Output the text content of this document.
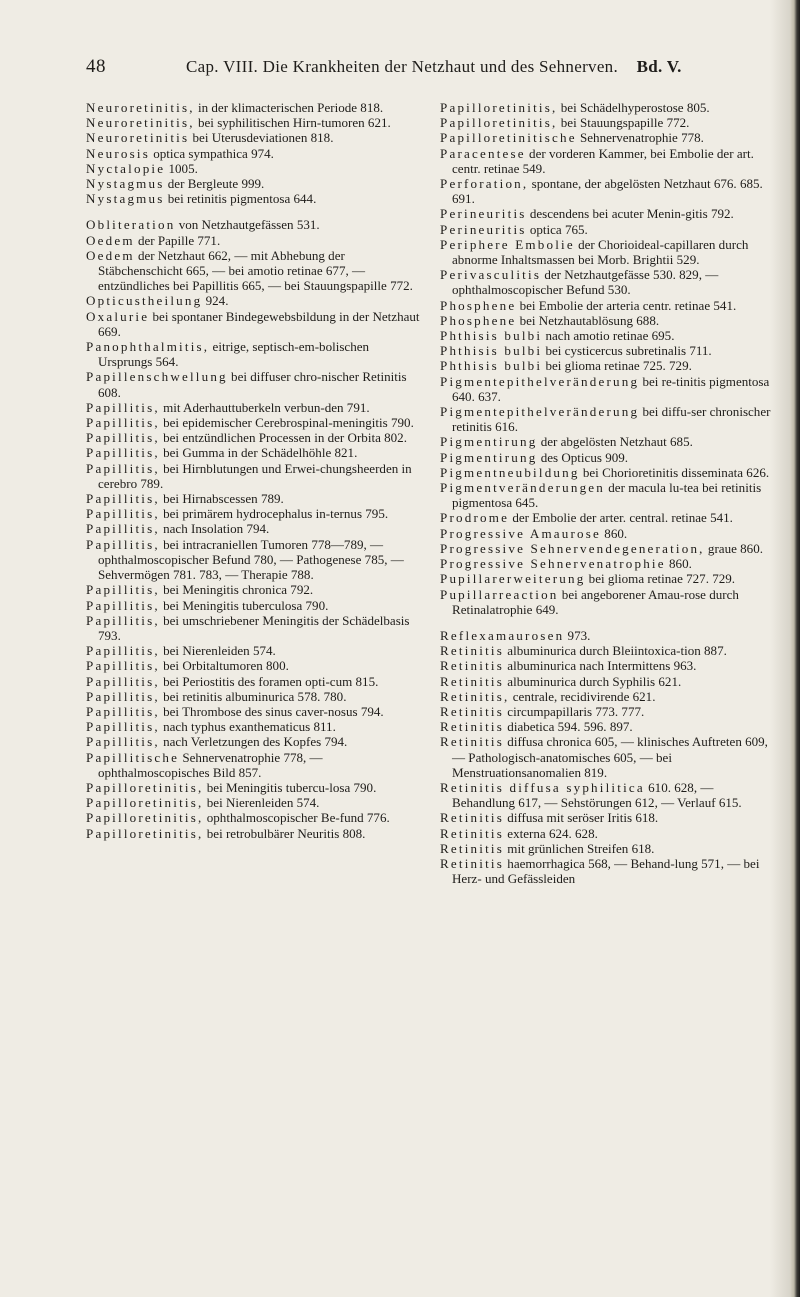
48	Cap. VIII. Die Krankheiten der Netzhaut und des Sehnerven. Bd. V.

Neuroretinitis, in der klimacterischen Periode 818.

Neuroretinitis, bei syphilitischen Hirn-tumoren 621.

Neuroretinitis bei Uterusdeviationen 818.

Neurosis optica sympathica 974.

Nyctalopie 1005.

Nystagmus der Bergleute 999.

Nystagmus bei retinitis pigmentosa 644.

Obliteration von Netzhautgefässen 531.

Oedem der Papille 771.

Oedem der Netzhaut 662, — mit Abhebung der Stäbchenschicht 665, — bei amotio retinae 677, — entzündliches bei Papillitis 665, — bei Stauungspapille 772.

Opticustheilung 924.

Oxalurie bei spontaner Bindegewebsbildung in der Netzhaut 669.

Panophthalmitis, eitrige, septisch-em-bolischen Ursprungs 564.

Papillenschwellung bei diffuser chro-nischer Retinitis 608.

Papillitis, mit Aderhauttuberkeln verbun-den 791.

Papillitis, bei epidemischer Cerebrospinal-meningitis 790.

Papillitis, bei entzündlichen Processen in der Orbita 802.

Papillitis, bei Gumma in der Schädelhöhle 821.

Papillitis, bei Hirnblutungen und Erwei-chungsheerden in cerebro 789.

Papillitis, bei Hirnabscessen 789.

Papillitis, bei primärem hydrocephalus in-ternus 795.

Papillitis, nach Insolation 794.

Papillitis, bei intracraniellen Tumoren 778—789, — ophthalmoscopischer Befund 780, — Pathogenese 785, — Sehvermögen 781. 783, — Therapie 788.

Papillitis, bei Meningitis chronica 792.

Papillitis, bei Meningitis tuberculosa 790.

Papillitis, bei umschriebener Meningitis der Schädelbasis 793.

Papillitis, bei Nierenleiden 574.

Papillitis, bei Orbitaltumoren 800.

Papillitis, bei Periostitis des foramen opti-cum 815.

Papillitis, bei retinitis albuminurica 578. 780.

Papillitis, bei Thrombose des sinus caver-nosus 794.

Papillitis, nach typhus exanthematicus 811.

Papillitis, nach Verletzungen des Kopfes 794.

Papillitische Sehnervenatrophie 778, — ophthalmoscopisches Bild 857.

Papilloretinitis, bei Meningitis tubercu-losa 790.

Papilloretinitis, bei Nierenleiden 574.

Papilloretinitis, ophthalmoscopischer Be-fund 776.

Papilloretinitis, bei retrobulbärer Neuritis 808.

Papilloretinitis, bei Schädelhyperostose 805.

Papilloretinitis, bei Stauungspapille 772.

Papilloretinitische Sehnervenatrophie 778.

Paracentese der vorderen Kammer, bei Embolie der art. centr. retinae 549.

Perforation, spontane, der abgelösten Netzhaut 676. 685. 691.

Perineuritis descendens bei acuter Menin-gitis 792.

Perineuritis optica 765.

Periphere Embolie der Chorioideal-capillaren durch abnorme Inhaltsmassen bei Morb. Brightii 529.

Perivasculitis der Netzhautgefässe 530. 829, — ophthalmoscopischer Befund 530.

Phosphene bei Embolie der arteria centr. retinae 541.

Phosphene bei Netzhautablösung 688.

Phthisis bulbi nach amotio retinae 695.

Phthisis bulbi bei cysticercus subretinalis 711.

Phthisis bulbi bei glioma retinae 725. 729.

Pigmentepithelveränderung bei re-tinitis pigmentosa 640. 637.

Pigmentepithelveränderung bei diffu-ser chronischer retinitis 616.

Pigmentirung der abgelösten Netzhaut 685.

Pigmentirung des Opticus 909.

Pigmentneubildung bei Chorioretinitis disseminata 626.

Pigmentveränderungen der macula lu-tea bei retinitis pigmentosa 645.

Prodrome der Embolie der arter. central. retinae 541.

Progressive Amaurose 860.

Progressive Sehnervendegeneration, graue 860.

Progressive Sehnervenatrophie 860.

Pupillarerweiterung bei glioma retinae 727. 729.

Pupillarreaction bei angeborener Amau-rose durch Retinalatrophie 649.

Reflexamaurosen 973.

Retinitis albuminurica durch Bleiintoxica-tion 887.

Retinitis albuminurica nach Intermittens 963.

Retinitis albuminurica durch Syphilis 621.

Retinitis, centrale, recidivirende 621.

Retinitis circumpapillaris 773. 777.

Retinitis diabetica 594. 596. 897.

Retinitis diffusa chronica 605, — klinisches Auftreten 609, — Pathologisch-anatomisches 605, — bei Menstruationsanomalien 819.

Retinitis diffusa syphilitica 610. 628, — Behandlung 617, — Sehstörungen 612, — Verlauf 615.

Retinitis diffusa mit seröser Iritis 618.

Retinitis externa 624. 628.

Retinitis mit grünlichen Streifen 618.

Retinitis haemorrhagica 568, — Behand-lung 571, — bei Herz- und Gefässleiden
